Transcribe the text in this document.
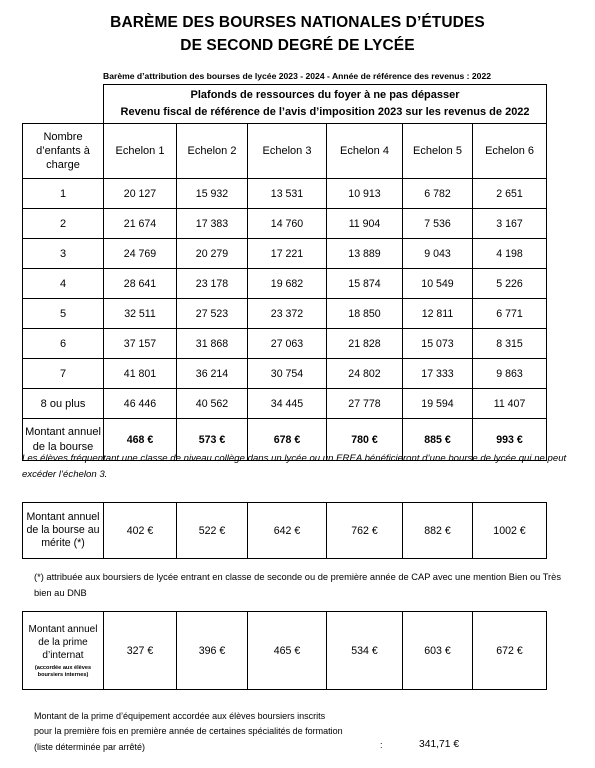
BARÈME DES BOURSES NATIONALES D’ÉTUDES
DE SECOND DEGRÉ DE LYCÉE
Barème d’attribution des bourses de lycée 2023 - 2024 - Année de référence des revenus : 2022

	Plafonds de ressources du foyer à ne pas dépasser
Revenu fiscal de référence de l’avis d’imposition 2023 sur les revenus de 2022					

Nombre
d’enfants à
charge	Echelon 1	Echelon 2	Echelon 3	Echelon 4	Echelon 5	Echelon 6
1	20 127	15 932	13 531	10 913	6 782	2 651
2	21 674	17 383	14 760	11 904	7 536	3 167
3	24 769	20 279	17 221	13 889	9 043	4 198
4	28 641	23 178	19 682	15 874	10 549	5 226
5	32 511	27 523	23 372	18 850	12 811	6 771
6	37 157	31 868	27 063	21 828	15 073	8 315
7	41 801	36 214	30 754	24 802	17 333	9 863
8 ou plus	46 446	40 562	34 445	27 778	19 594	11 407

Montant annuel
de la bourse	468 €	573 €	678 €	780 €	885 €	993 €
Les élèves fréquentant une classe de niveau collège dans un lycée ou un EREA bénéficieront d’une bourse de lycée qui ne peut excéder l’échelon 3.
Montant annuel
de la bourse au
mérite (*)
	402 €	522 €	642 €	762 €	882 €	1002 €
(*) attribuée aux boursiers de lycée entrant en classe de seconde ou de première année de CAP avec une mention Bien ou Très bien au DNB
Montant annuel
de la prime
d’internat
(accordée aux élèves
boursiers internes)
	327 €	396 €	465 €	534 €	603 €	672 €
Montant de la prime d’équipement accordée aux élèves boursiers inscrits
pour la première fois en première année de certaines spécialités de formation
(liste déterminée par arrêté)	:	341,71 €
